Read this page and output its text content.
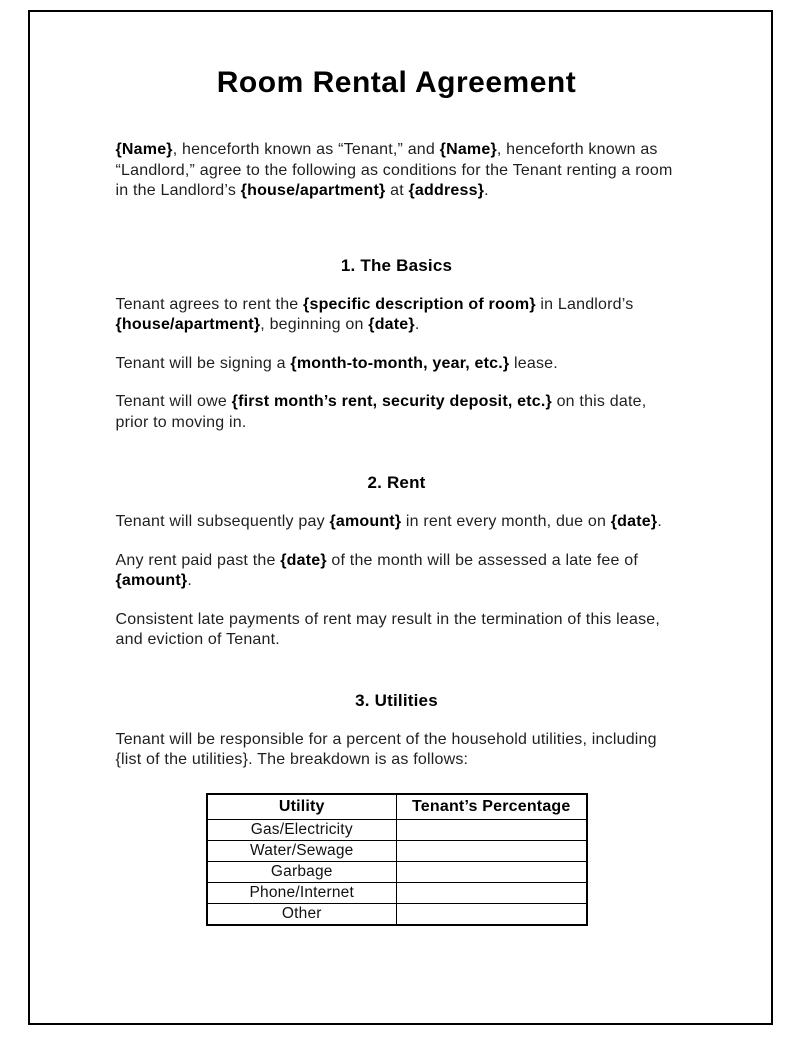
Room Rental Agreement

{Name}, henceforth known as “Tenant,” and {Name}, henceforth known as “Landlord,” agree to the following as conditions for the Tenant renting a room in the Landlord’s {house/apartment} at {address}.

1. The Basics

Tenant agrees to rent the {specific description of room} in Landlord’s {house/apartment}, beginning on {date}.

Tenant will be signing a {month-to-month, year, etc.} lease.

Tenant will owe {first month’s rent, security deposit, etc.} on this date, prior to moving in.

2. Rent

Tenant will subsequently pay {amount} in rent every month, due on {date}.

Any rent paid past the {date} of the month will be assessed a late fee of {amount}.

Consistent late payments of rent may result in the termination of this lease, and eviction of Tenant.

3. Utilities

Tenant will be responsible for a percent of the household utilities, including {list of the utilities}. The breakdown is as follows:

Utility	Tenant’s Percentage
Gas/Electricity	
Water/Sewage	
Garbage	
Phone/Internet	
Other	
